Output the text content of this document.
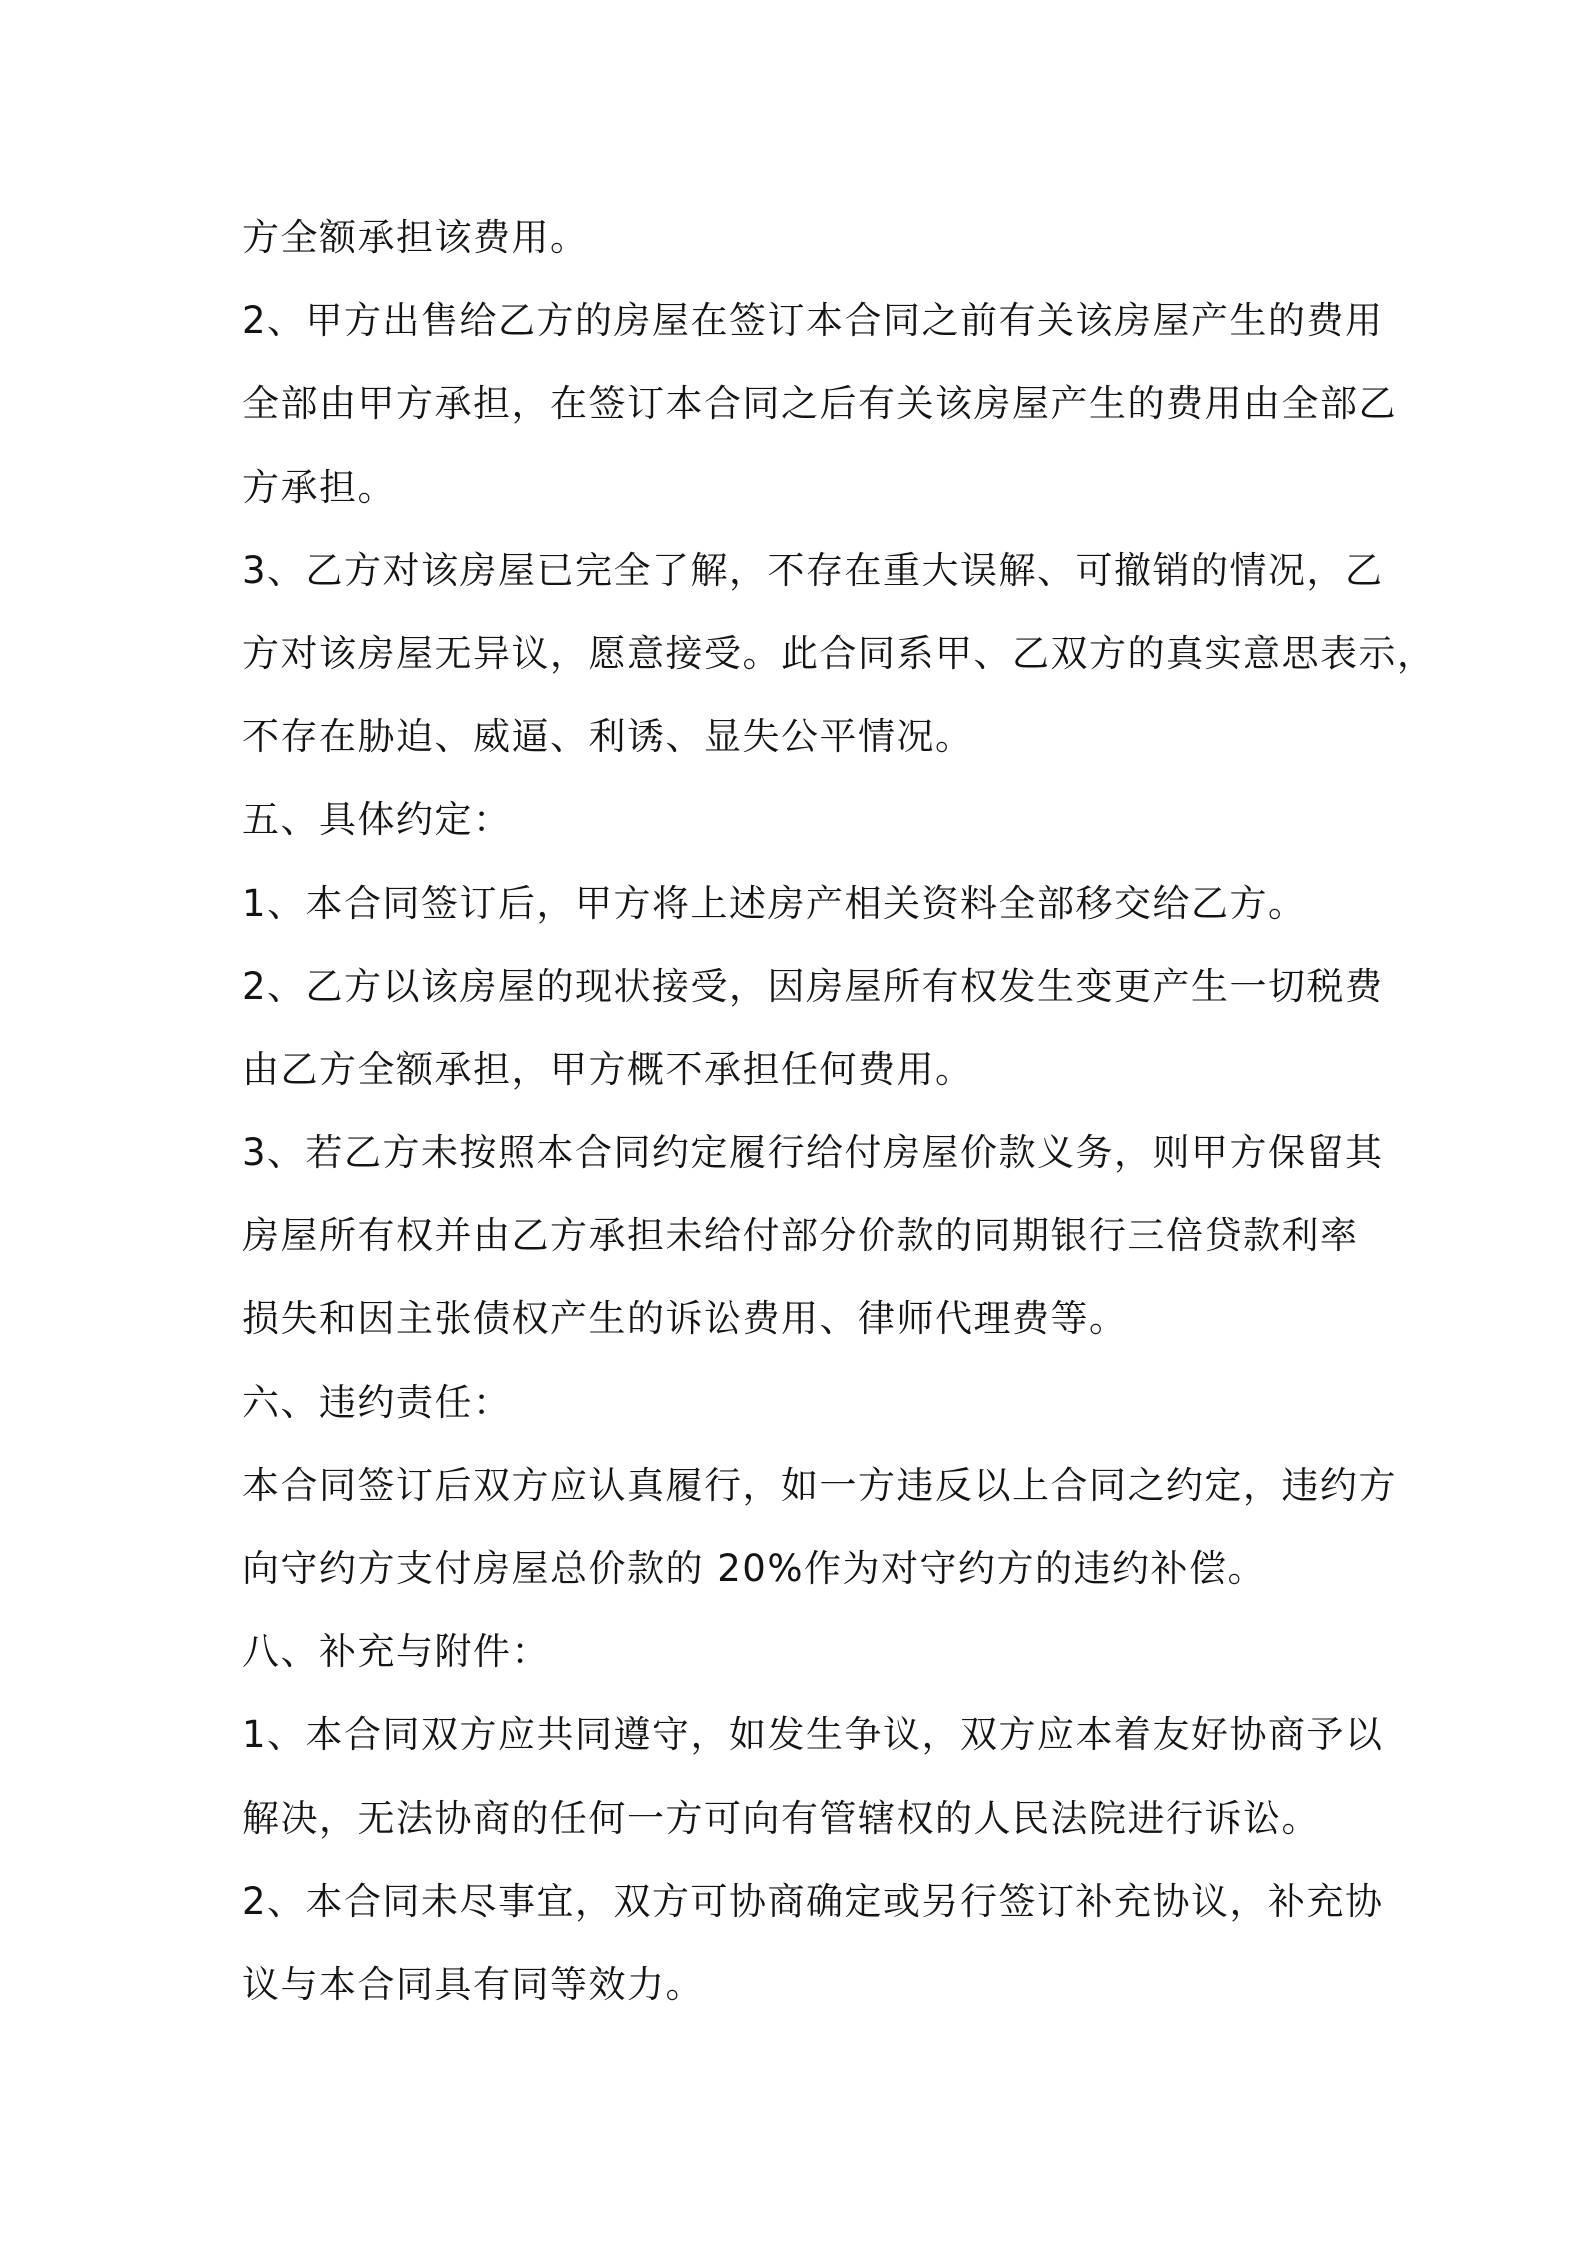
方全额承担该费用。
2、甲方出售给乙方的房屋在签订本合同之前有关该房屋产生的费用
全部由甲方承担，在签订本合同之后有关该房屋产生的费用由全部乙
方承担。
3、乙方对该房屋已完全了解，不存在重大误解、可撤销的情况，乙
方对该房屋无异议，愿意接受。此合同系甲、乙双方的真实意思表示，
不存在胁迫、威逼、利诱、显失公平情况。
五、具体约定：
1、本合同签订后，甲方将上述房产相关资料全部移交给乙方。
2、乙方以该房屋的现状接受，因房屋所有权发生变更产生一切税费
由乙方全额承担，甲方概不承担任何费用。
3、若乙方未按照本合同约定履行给付房屋价款义务，则甲方保留其
房屋所有权并由乙方承担未给付部分价款的同期银行三倍贷款利率
损失和因主张债权产生的诉讼费用、律师代理费等。
六、违约责任：
本合同签订后双方应认真履行，如一方违反以上合同之约定，违约方
向守约方支付房屋总价款的 20%作为对守约方的违约补偿。
八、补充与附件：
1、本合同双方应共同遵守，如发生争议，双方应本着友好协商予以
解决，无法协商的任何一方可向有管辖权的人民法院进行诉讼。
2、本合同未尽事宜，双方可协商确定或另行签订补充协议，补充协
议与本合同具有同等效力。
